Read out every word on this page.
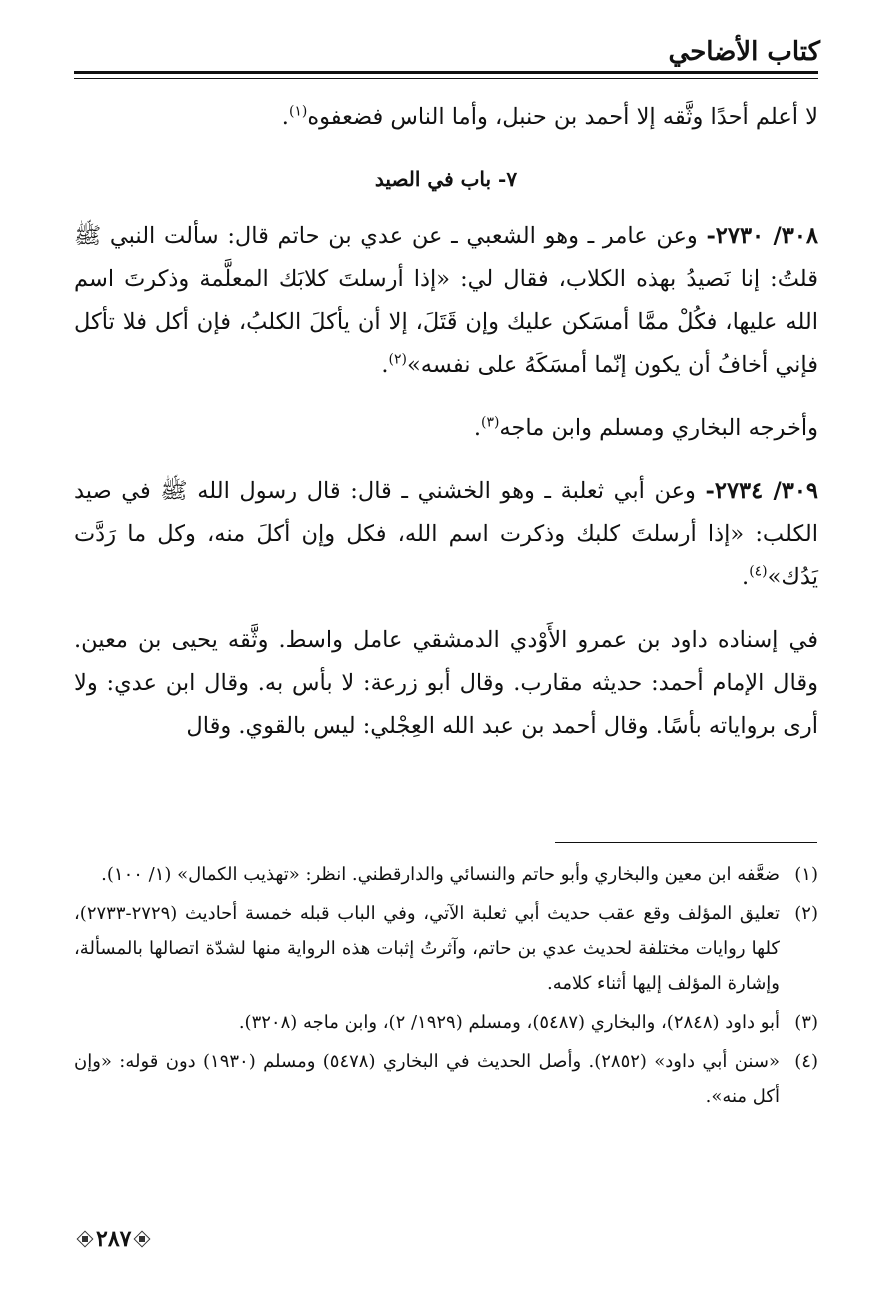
كتاب الأضاحي

لا أعلم أحدًا وثَّقه إلا أحمد بن حنبل، وأما الناس فضعفوه$^{(١)}$.

٧- باب في الصيد

٣٠٨/ ٢٧٣٠- وعن عامر ـ وهو الشعبي ـ عن عدي بن حاتم قال: سألت النبي ﷺ قلتُ: إنا نَصيدُ بهذه الكلاب، فقال لي: «إذا أرسلتَ كلابَك المعلَّمة وذكرتَ اسم الله عليها، فكُلْ ممَّا أمسَكن عليك وإن قَتَلَ، إلا أن يأكلَ الكلبُ، فإن أكل فلا تأكل فإني أخافُ أن يكون إنّما أمسَكَهُ على نفسه»$^{(٢)}$.

وأخرجه البخاري ومسلم وابن ماجه$^{(٣)}$.

٣٠٩/ ٢٧٣٤- وعن أبي ثعلبة ـ وهو الخشني ـ قال: قال رسول الله ﷺ في صيد الكلب: «إذا أرسلتَ كلبك وذكرت اسم الله، فكل وإن أكلَ منه، وكل ما رَدَّت يَدُك»$^{(٤)}$.

في إسناده داود بن عمرو الأَوْدي الدمشقي عامل واسط. وثَّقه يحيى بن معين. وقال الإمام أحمد: حديثه مقارب. وقال أبو زرعة: لا بأس به. وقال ابن عدي: ولا أرى برواياته بأسًا. وقال أحمد بن عبد الله العِجْلي: ليس بالقوي. وقال

(١)
ضعَّفه ابن معين والبخاري وأبو حاتم والنسائي والدارقطني. انظر: «تهذيب الكمال» (١/ ١٠٠).
(٢)
تعليق المؤلف وقع عقب حديث أبي ثعلبة الآتي، وفي الباب قبله خمسة أحاديث (٢٧٢٩-٢٧٣٣)، كلها روايات مختلفة لحديث عدي بن حاتم، وآثرتُ إثبات هذه الرواية منها لشدّة اتصالها بالمسألة، وإشارة المؤلف إليها أثناء كلامه.
(٣)
أبو داود (٢٨٤٨)، والبخاري (٥٤٨٧)، ومسلم (١٩٢٩/ ٢)، وابن ماجه (٣٢٠٨).
(٤)
«سنن أبي داود» (٢٨٥٢). وأصل الحديث في البخاري (٥٤٧٨) ومسلم (١٩٣٠) دون قوله: «وإن أكل منه».
٢٨٧
